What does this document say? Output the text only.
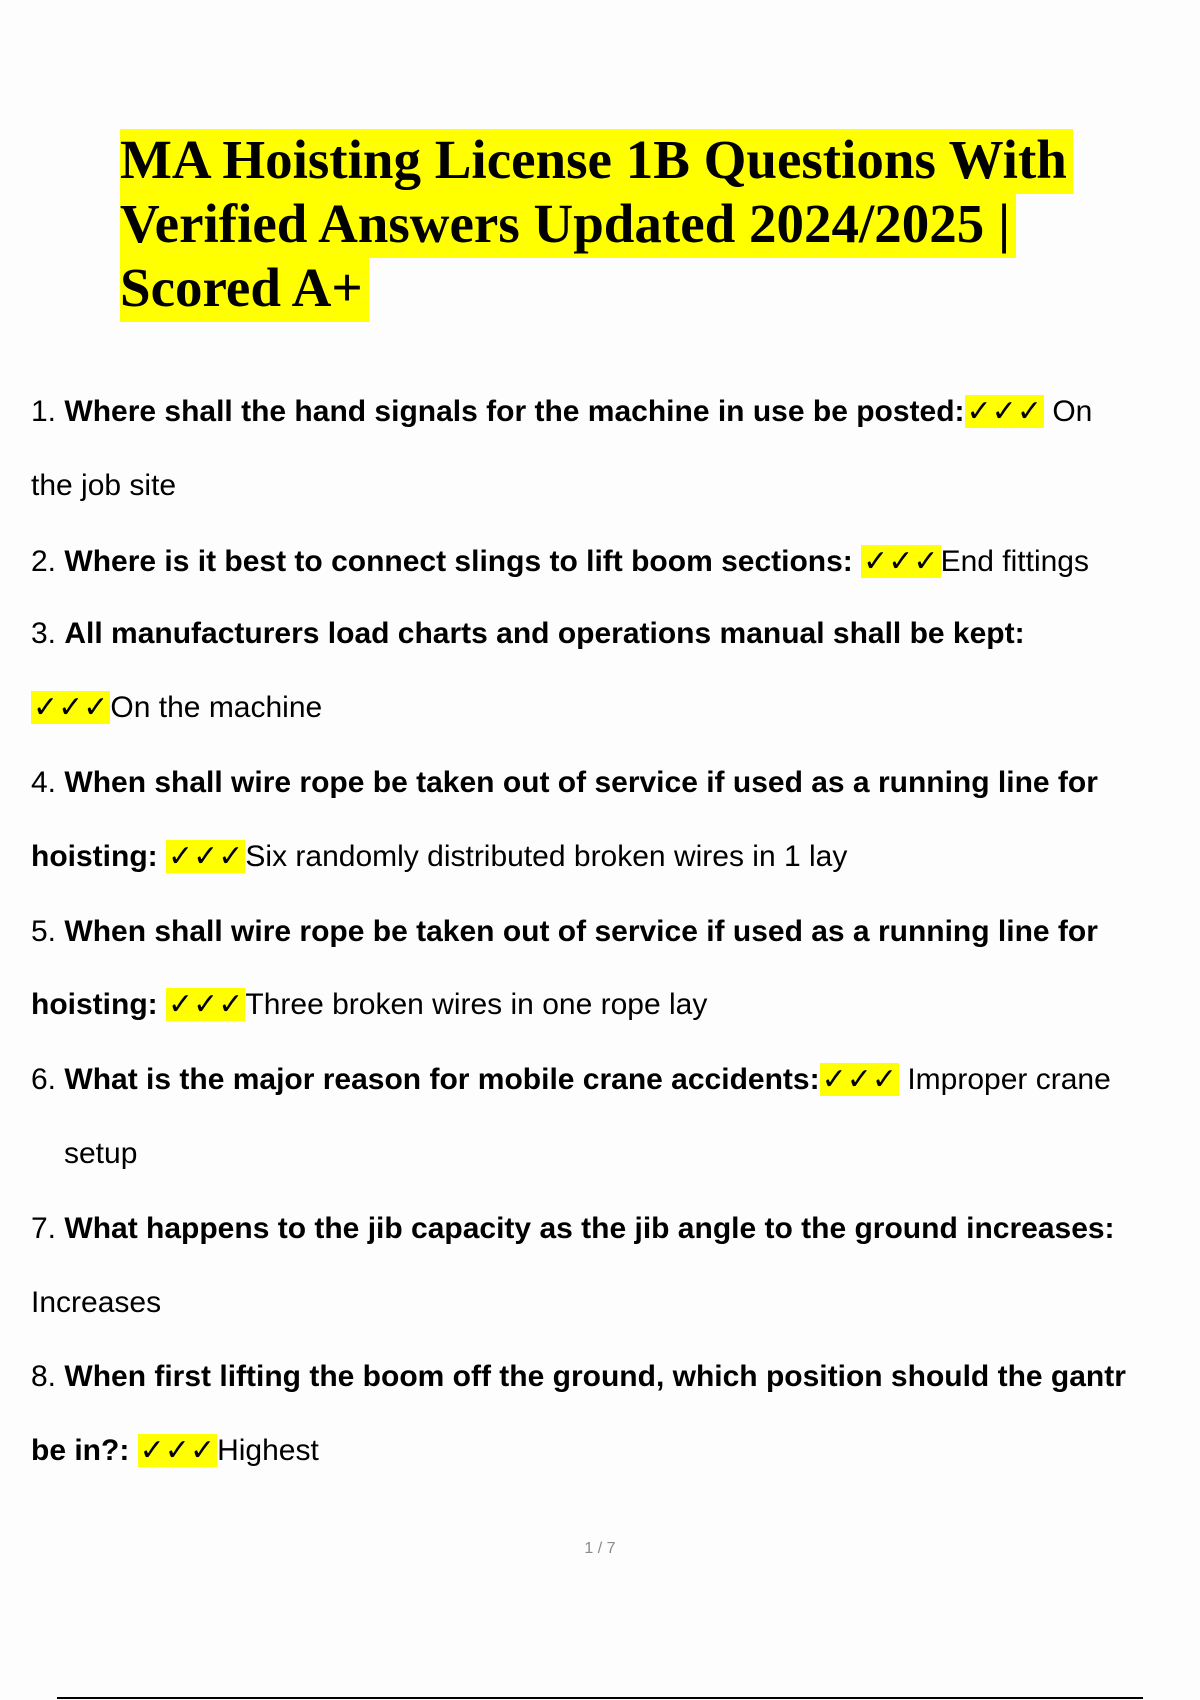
MA Hoisting License 1B Questions With Verified Answers Updated 2024/2025 | Scored A+
1. Where shall the hand signals for the machine in use be posted:✓✓✓ On
the job site
2. Where is it best to connect slings to lift boom sections: ✓✓✓End fittings
3. All manufacturers load charts and operations manual shall be kept:
✓✓✓On the machine
4. When shall wire rope be taken out of service if used as a running line for
hoisting: ✓✓✓Six randomly distributed broken wires in 1 lay
5. When shall wire rope be taken out of service if used as a running line for
hoisting: ✓✓✓Three broken wires in one rope lay
6. What is the major reason for mobile crane accidents:✓✓✓ Improper crane
setup
7. What happens to the jib capacity as the jib angle to the ground increases:
Increases
8. When first lifting the boom off the ground, which position should the gantr
be in?: ✓✓✓Highest
1 / 7
